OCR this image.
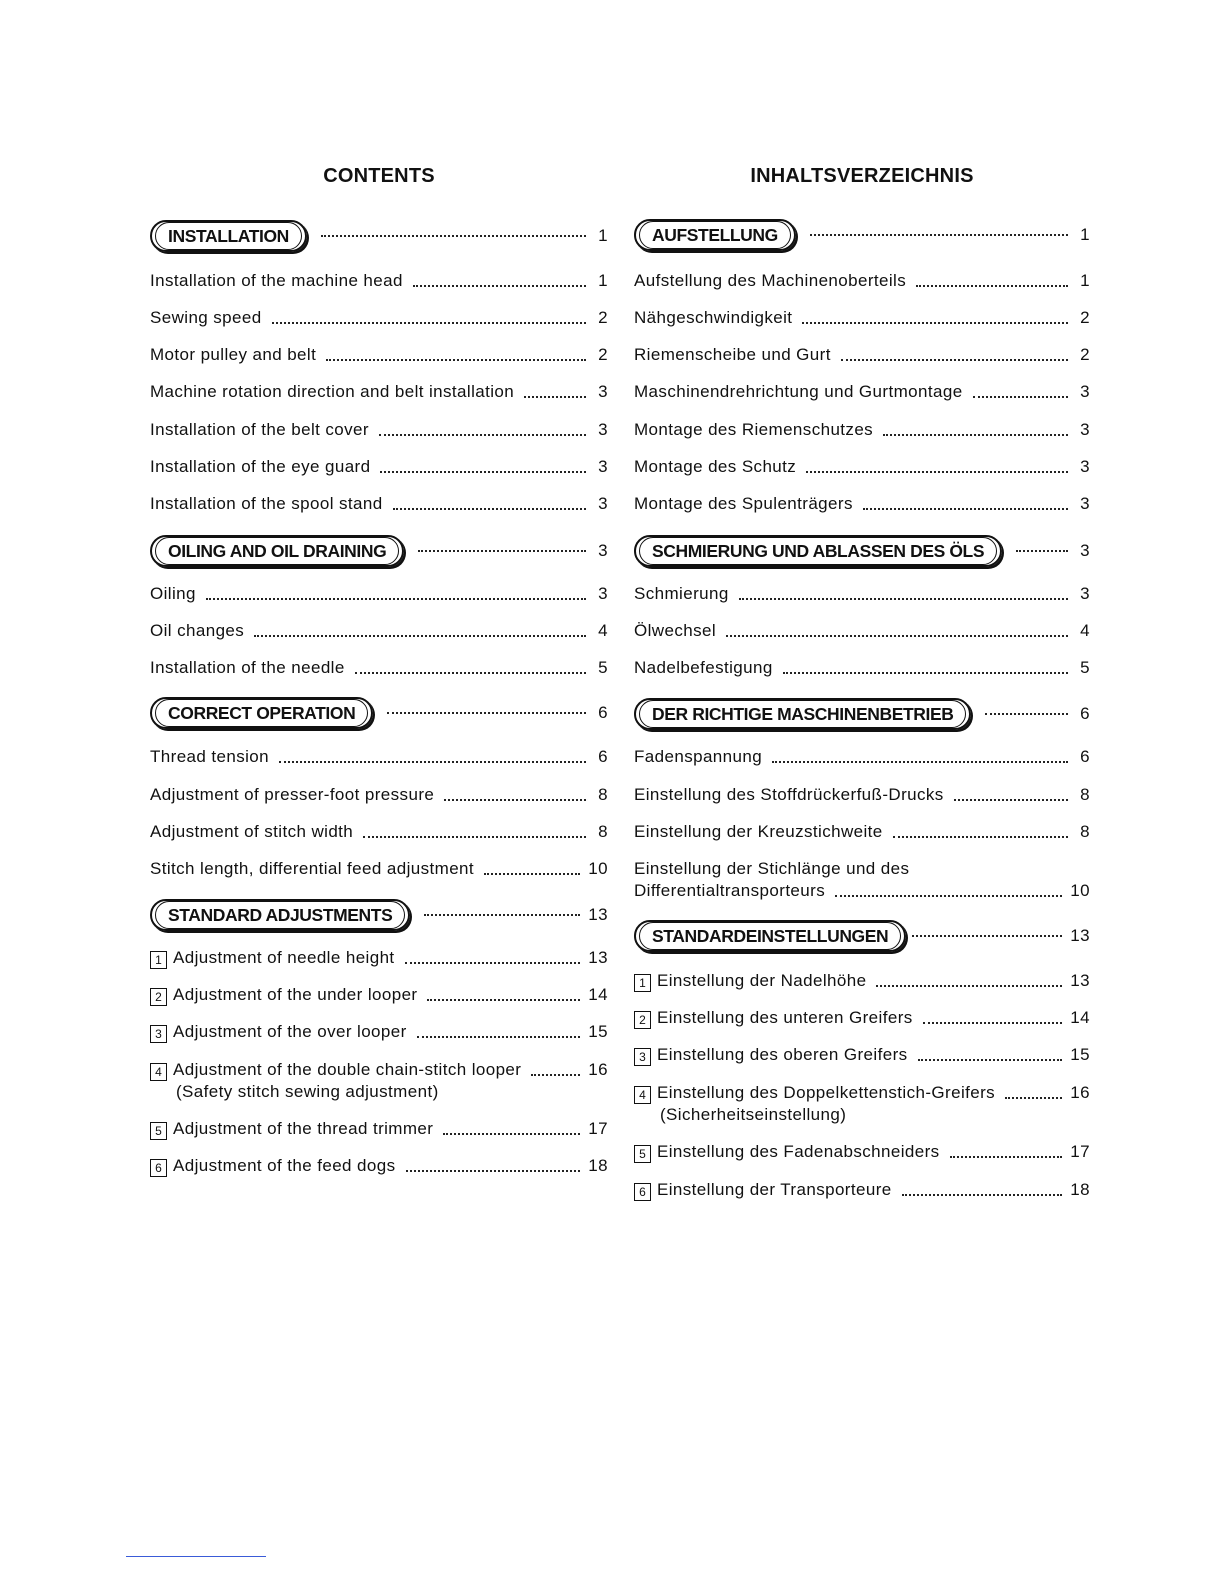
CONTENTS
INSTALLATION	1
Installation of the machine head	1
Sewing speed	2
Motor pulley and belt	2
Machine rotation direction and belt installation	3
Installation of the belt cover	3
Installation of the eye guard	3
Installation of the spool stand	3
OILING AND OIL DRAINING	3
Oiling	3
Oil changes	4
Installation of the needle	5
CORRECT OPERATION	6
Thread tension	6
Adjustment of presser-foot pressure	8
Adjustment of stitch width	8
Stitch length, differential feed adjustment	10
STANDARD ADJUSTMENTS	13
1 Adjustment of needle height	13
2 Adjustment of the under looper	14
3 Adjustment of the over looper	15
4 Adjustment of the double chain-stitch looper	16
(Safety stitch sewing adjustment)
5 Adjustment of the thread trimmer	17
6 Adjustment of the feed dogs	18
INHALTSVERZEICHNIS
AUFSTELLUNG	1
Aufstellung des Machinenoberteils	1
Nähgeschwindigkeit	2
Riemenscheibe und Gurt	2
Maschinendrehrichtung und Gurtmontage	3
Montage des Riemenschutzes	3
Montage des Schutz	3
Montage des Spulenträgers	3
SCHMIERUNG UND ABLASSEN DES ÖLS	3
Schmierung	3
Ölwechsel	4
Nadelbefestigung	5
DER RICHTIGE MASCHINENBETRIEB	6
Fadenspannung	6
Einstellung des Stoffdrückerfuß-Drucks	8
Einstellung der Kreuzstichweite	8
Einstellung der Stichlänge und des
Differentialtransporteurs	10
STANDARDEINSTELLUNGEN	13
1 Einstellung der Nadelhöhe	13
2 Einstellung des unteren Greifers	14
3 Einstellung des oberen Greifers	15
4 Einstellung des Doppelkettenstich-Greifers	16
(Sicherheitseinstellung)
5 Einstellung des Fadenabschneiders	17
6 Einstellung der Transporteure	18
